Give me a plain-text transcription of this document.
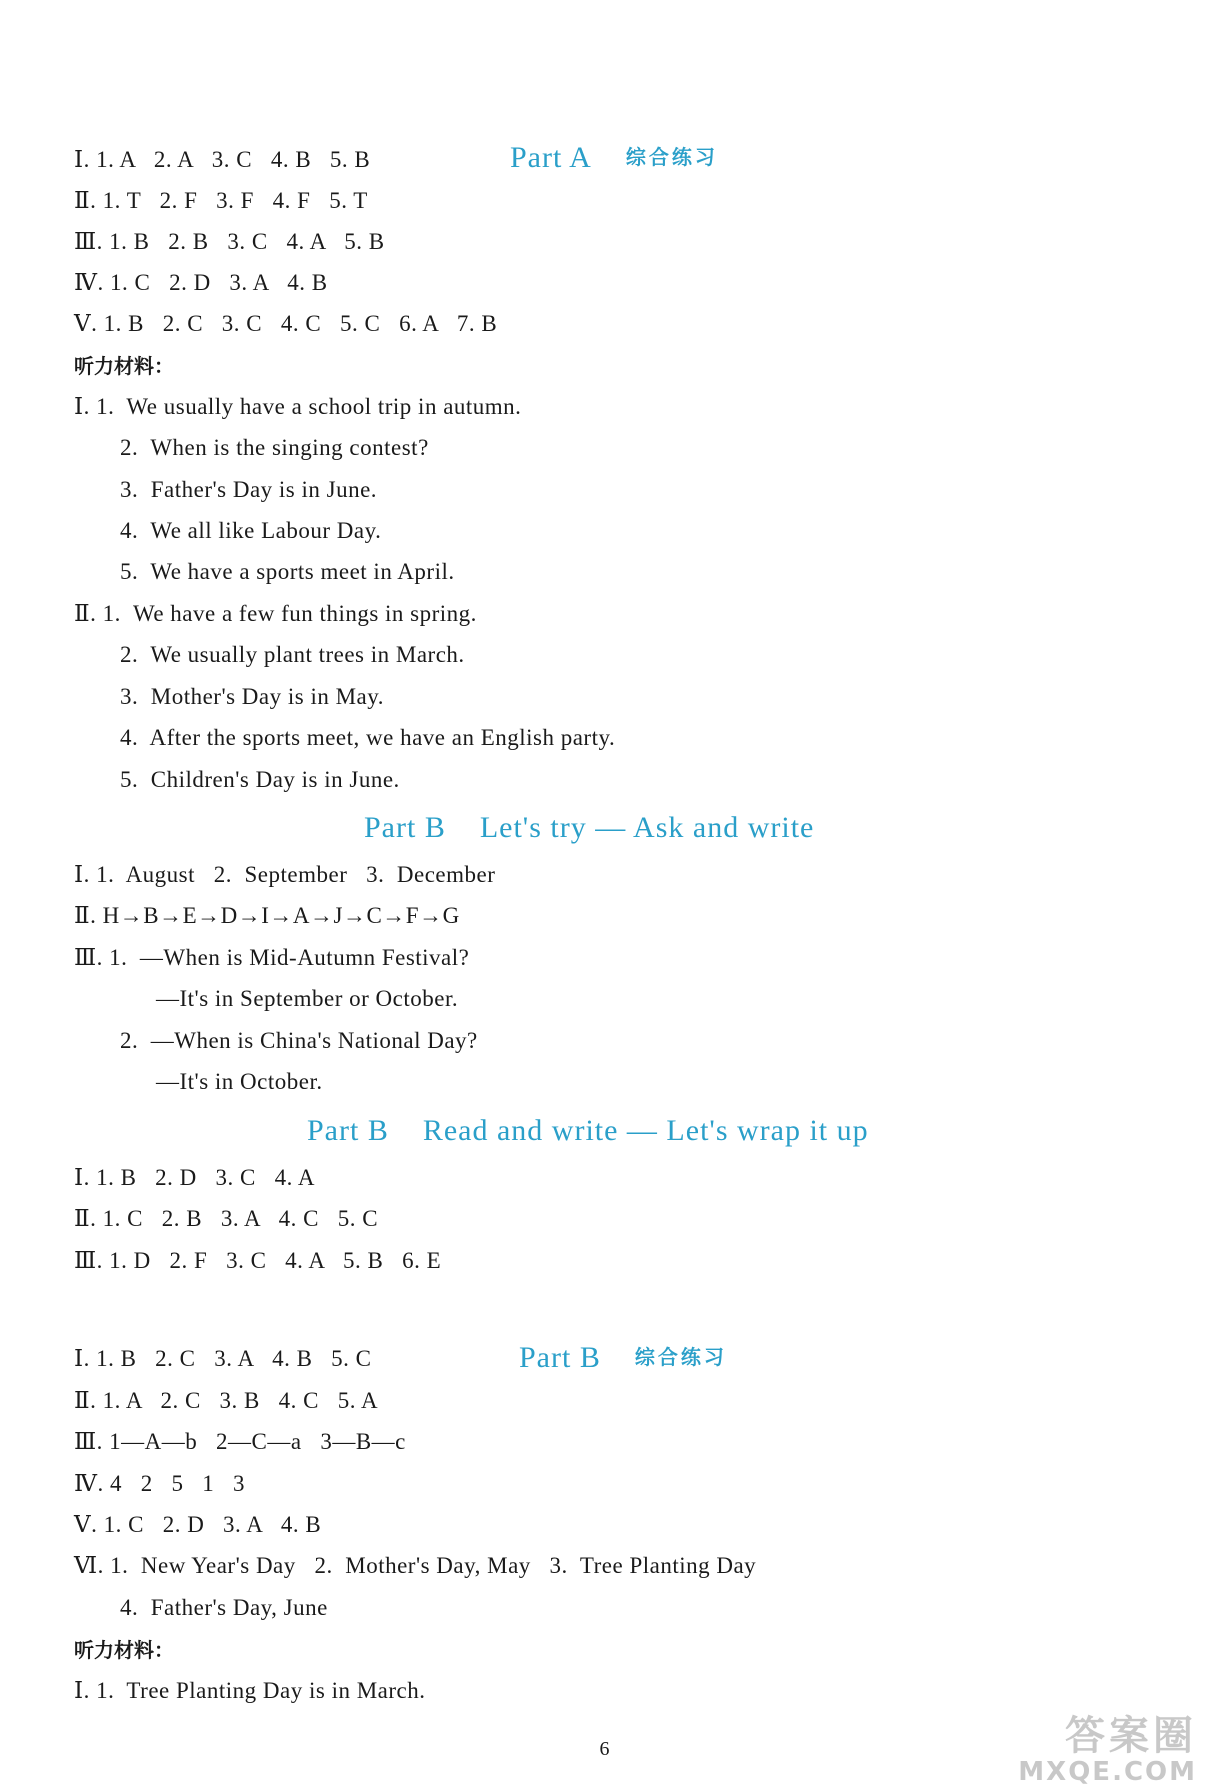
Part A 综合练习

Ⅰ. 1. A   2. A   3. C   4. B   5. B
Ⅱ. 1. T   2. F   3. F   4. F   5. T
Ⅲ. 1. B   2. B   3. C   4. A   5. B
Ⅳ. 1. C   2. D   3. A   4. B
Ⅴ. 1. B   2. C   3. C   4. C   5. C   6. A   7. B
听力材料：
Ⅰ. 1.  We usually have a school trip in autumn.
2.  When is the singing contest?
3.  Father's Day is in June.
4.  We all like Labour Day.
5.  We have a sports meet in April.
Ⅱ. 1.  We have a few fun things in spring.
2.  We usually plant trees in March.
3.  Mother's Day is in May.
4.  After the sports meet, we have an English party.
5.  Children's Day is in June.
Part B    Let's try — Ask and write
Ⅰ. 1.  August   2.  September   3.  December
Ⅱ. H→B→E→D→I→A→J→C→F→G
Ⅲ. 1.  —When is Mid-Autumn Festival?
—It's in September or October.
2.  —When is China's National Day?
—It's in October.
Part B    Read and write — Let's wrap it up
Ⅰ. 1. B   2. D   3. C   4. A
Ⅱ. 1. C   2. B   3. A   4. C   5. C
Ⅲ. 1. D   2. F   3. C   4. A   5. B   6. E

Part B 综合练习

Ⅰ. 1. B   2. C   3. A   4. B   5. C
Ⅱ. 1. A   2. C   3. B   4. C   5. A
Ⅲ. 1—A—b   2—C—a   3—B—c
Ⅳ. 4   2   5   1   3
Ⅴ. 1. C   2. D   3. A   4. B
Ⅵ. 1.  New Year's Day   2.  Mother's Day, May   3.  Tree Planting Day
4.  Father's Day, June
听力材料：
Ⅰ. 1.  Tree Planting Day is in March.
6	答案圈
MXQE.COM
